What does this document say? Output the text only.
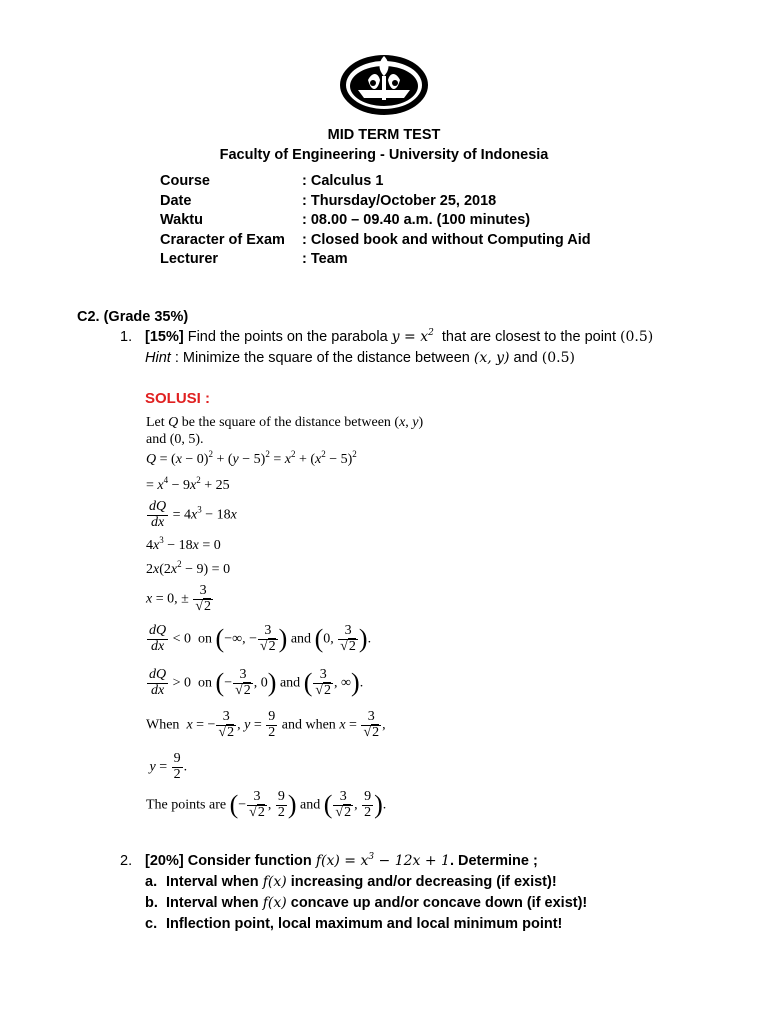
MID TERM TEST
Faculty of Engineering - University of Indonesia
Course	: Calculus 1
Date	: Thursday/October 25, 2018
Waktu	: 08.00 – 09.40 a.m. (100 minutes)
Craracter of Exam	: Closed book and without Computing Aid
Lecturer	: Team
C2. (Grade 35%)
1. [15%] Find the points on the parabola $y = x^2$ that are closest to the point (0.5)
Hint : Minimize the square of the distance between (x, y) and (0.5)
SOLUSI :
Let Q be the square of the distance between (x, y)
and (0, 5).
$Q = (x - 0)^2 + (y - 5)^2 = x^2 + (x^2 - 5)^2$
= $x^4 - 9x^2 + 25$
$\frac{dQ}{dx} = 4x^3 - 18x$
$4x^3 - 18x = 0$
$2x(2x^2 - 9) = 0$
x = 0, ± $\frac{3}{√2}$
$\frac{dQ}{dx} < 0$  on (−∞, − $\frac{3}{√2}$ ) and (0, $\frac{3}{√2}$ ).
$\frac{dQ}{dx} > 0$  on (− $\frac{3}{√2}$ , 0) and ( $\frac{3}{√2}$ , ∞).
When  x = − $\frac{3}{√2}$ , $y = \frac{9}{2}$ and when $x = \frac{3}{√2}$ ,
$y = \frac{9}{2}$ .
The points are (− $\frac{3}{√2}$ , $\frac{9}{2}$ ) and ( $\frac{3}{√2}$ , $\frac{9}{2}$ ).
2. [20%] Consider function $f(x) = x^3 - 12x + 1$. Determine ;
a. Interval when f(x) increasing and/or decreasing (if exist)!
b. Interval when f(x) concave up and/or concave down (if exist)!
c. Inflection point, local maximum and local minimum point!
